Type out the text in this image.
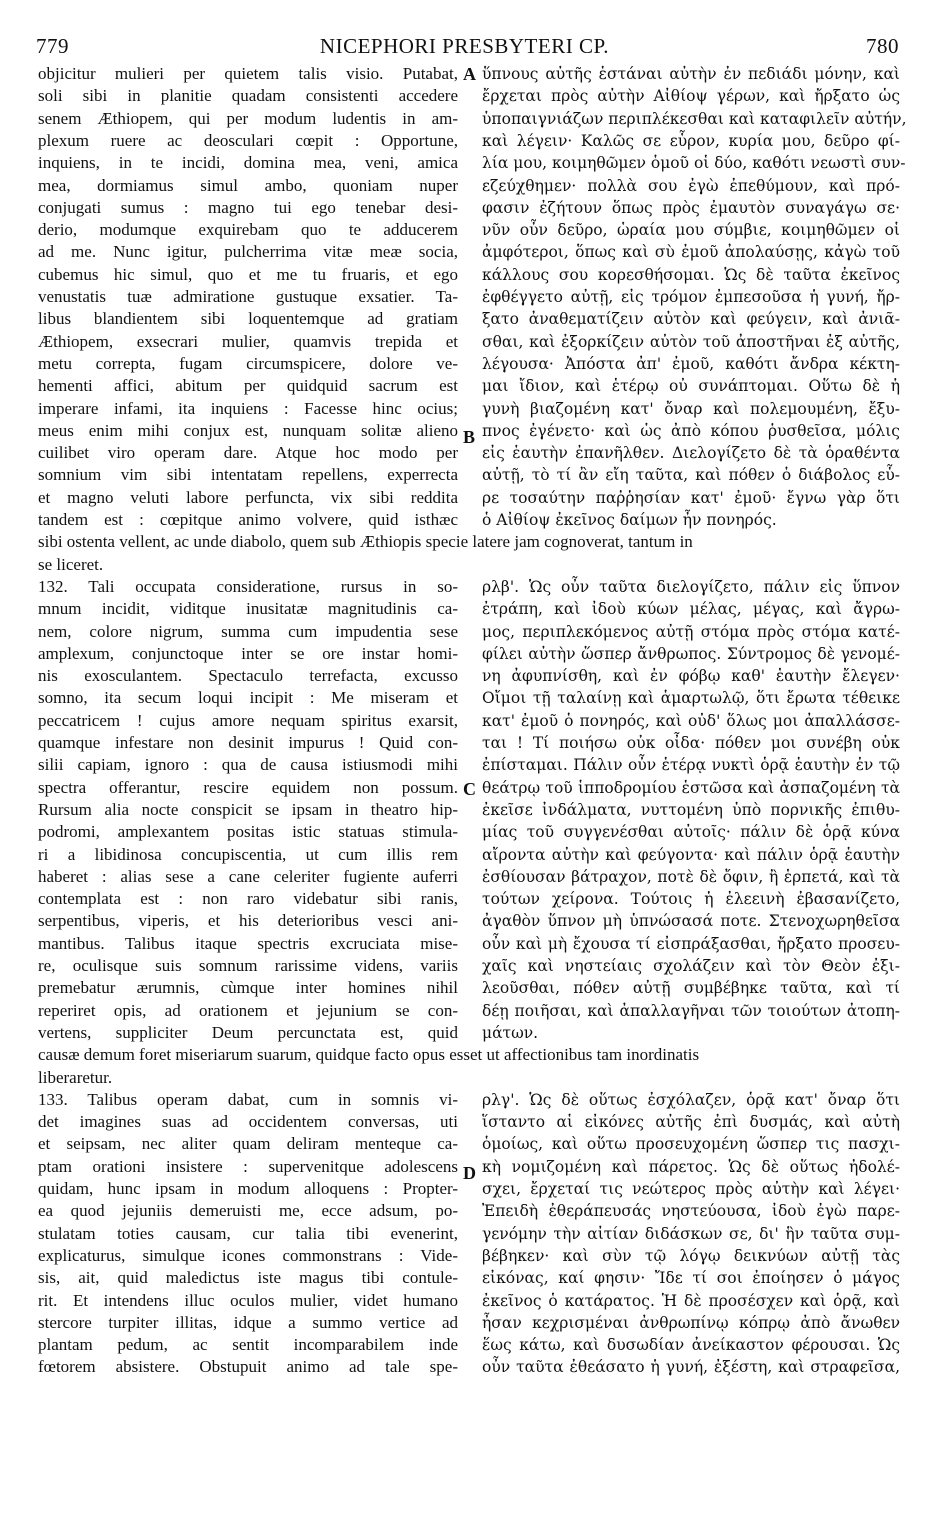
779	NICEPHORI PRESBYTERI CP.	780
A
B
C
D
objicitur mulieri per quietem talis visio. Putabat, ὕπνους αὐτῆς ἑστάναι αὐτὴν ἐν πεδιάδι μόνην, καὶ
soli sibi in planitie quadam consistenti accedere ἔρχεται πρὸς αὐτὴν Αἰθίοψ γέρων, καὶ ἤρξατο ὡς
senem Æthiopem, qui per modum ludentis in am- ὑποπαιγνιάζων περιπλέκεσθαι καὶ καταφιλεῖν αὐτήν,
plexum ruere ac deosculari cœpit : Opportune, καὶ λέγειν· Καλῶς σε εὗρον, κυρία μου, δεῦρο φί-
inquiens, in te incidi, domina mea, veni, amica λία μου, κοιμηθῶμεν ὁμοῦ οἱ δύο, καθότι νεωστὶ συν-
mea, dormiamus simul ambo, quoniam nuper εζεύχθημεν· πολλὰ σου ἐγὼ ἐπεθύμουν, καὶ πρό-
conjugati sumus : magno tui ego tenebar desi- φασιν ἐζήτουν ὅπως πρὸς ἐμαυτὸν συναγάγω σε·
derio, modumque exquirebam quo te adducerem νῦν οὖν δεῦρο, ὡραία μου σύμβιε, κοιμηθῶμεν οἱ
ad me. Nunc igitur, pulcherrima vitæ meæ socia, ἀμφότεροι, ὅπως καὶ σὺ ἐμοῦ ἀπολαύσῃς, κἀγὼ τοῦ
cubemus hic simul, quo et me tu fruaris, et ego κάλλους σου κορεσθήσομαι. Ὡς δὲ ταῦτα ἐκεῖνος
venustatis tuæ admiratione gustuque exsatier. Ta- ἐφθέγγετο αὐτῇ, εἰς τρόμον ἐμπεσοῦσα ἡ γυνή, ἤρ-
libus blandientem sibi loquentemque ad gratiam ξατο ἀναθεματίζειν αὐτὸν καὶ φεύγειν, καὶ ἀνιᾶ-
Æthiopem, exsecrari mulier, quamvis trepida et σθαι, καὶ ἐξορκίζειν αὐτὸν τοῦ ἀποστῆναι ἐξ αὐτῆς,
metu correpta, fugam circumspicere, dolore ve- λέγουσα· Ἀπόστα ἀπ' ἐμοῦ, καθότι ἄνδρα κέκτη-
hementi affici, abitum per quidquid sacrum est μαι ἴδιον, καὶ ἑτέρῳ οὐ συνάπτομαι. Οὕτω δὲ ἡ
imperare infami, ita inquiens : Facesse hinc ocius; γυνὴ βιαζομένη κατ' ὄναρ καὶ πολεμουμένη, ἔξυ-
meus enim mihi conjux est, nunquam solitæ alieno πνος ἐγένετο· καὶ ὡς ἀπὸ κόπου ῥυσθεῖσα, μόλις
cuilibet viro operam dare. Atque hoc modo per εἰς ἑαυτὴν ἐπανῆλθεν. Διελογίζετο δὲ τὰ ὁραθέντα
somnium vim sibi intentatam repellens, experrecta αὐτῇ, τὸ τί ἂν εἴη ταῦτα, καὶ πόθεν ὁ διάβολος εὗ-
et magno veluti labore perfuncta, vix sibi reddita ρε τοσαύτην παῤῥησίαν κατ' ἐμοῦ· ἔγνω γὰρ ὅτι
tandem est : cœpitque animo volvere, quid isthæc ὁ Αἰθίοψ ἐκεῖνος δαίμων ἦν πονηρός.
sibi ostenta vellent, ac unde diabolo, quem sub Æthiopis specie latere jam cognoverat, tantum in
se liceret.
132. Tali occupata consideratione, rursus in so- ρλβ'. Ὡς οὖν ταῦτα διελογίζετο, πάλιν εἰς ὕπνον
mnum incidit, viditque inusitatæ magnitudinis ca- ἐτράπη, καὶ ἰδοὺ κύων μέλας, μέγας, καὶ ἄγρω-
nem, colore nigrum, summa cum impudentia sese μος, περιπλεκόμενος αὐτῇ στόμα πρὸς στόμα κατέ-
amplexum, conjunctoque inter se ore instar homi- φίλει αὐτὴν ὥσπερ ἄνθρωπος. Σύντρομος δὲ γενομέ-
nis exosculantem. Spectaculo terrefacta, excusso νη ἀφυπνίσθη, καὶ ἐν φόβῳ καθ' ἑαυτὴν ἔλεγεν·
somno, ita secum loqui incipit : Me miseram et Οἴμοι τῇ ταλαίνῃ καὶ ἁμαρτωλῷ, ὅτι ἔρωτα τέθεικε
peccatricem ! cujus amore nequam spiritus exarsit, κατ' ἐμοῦ ὁ πονηρός, καὶ οὐδ' ὅλως μοι ἀπαλλάσσε-
quamque infestare non desinit impurus ! Quid con- ται ! Τί ποιήσω οὐκ οἶδα· πόθεν μοι συνέβη οὐκ
silii capiam, ignoro : qua de causa istiusmodi mihi ἐπίσταμαι. Πάλιν οὖν ἑτέρᾳ νυκτὶ ὁρᾷ ἑαυτὴν ἐν τῷ
spectra offerantur, rescire equidem non possum. θεάτρῳ τοῦ ἱπποδρομίου ἑστῶσα καὶ ἀσπαζομένη τὰ
Rursum alia nocte conspicit se ipsam in theatro hip- ἐκεῖσε ἰνδάλματα, νυττομένη ὑπὸ πορνικῆς ἐπιθυ-
podromi, amplexantem positas istic statuas stimula- μίας τοῦ συγγενέσθαι αὐτοῖς· πάλιν δὲ ὁρᾷ κύνα
ri a libidinosa concupiscentia, ut cum illis rem αἴροντα αὐτὴν καὶ φεύγοντα· καὶ πάλιν ὁρᾷ ἑαυτὴν
haberet : alias sese a cane celeriter fugiente auferri ἐσθίουσαν βάτραχον, ποτὲ δὲ ὄφιν, ἢ ἑρπετά, καὶ τὰ
contemplata est : non raro videbatur sibi ranis, τούτων χείρονα. Τούτοις ἡ ἐλεεινὴ ἐβασανίζετο,
serpentibus, viperis, et his deterioribus vesci ani- ἀγαθὸν ὕπνον μὴ ὑπνώσασά ποτε. Στενοχωρηθεῖσα
mantibus. Talibus itaque spectris excruciata mise- οὖν καὶ μὴ ἔχουσα τί εἰσπράξασθαι, ἤρξατο προσευ-
re, oculisque suis somnum rarissime videns, variis χαῖς καὶ νηστείαις σχολάζειν καὶ τὸν Θεὸν ἐξι-
premebatur ærumnis, cùmque inter homines nihil λεοῦσθαι, πόθεν αὐτῇ συμβέβηκε ταῦτα, καὶ τί
reperiret opis, ad orationem et jejunium se con- δέῃ ποιῆσαι, καὶ ἀπαλλαγῆναι τῶν τοιούτων ἀτοπη-
vertens, suppliciter Deum percunctata est, quid μάτων.
causæ demum foret miseriarum suarum, quidque facto opus esset ut affectionibus tam inordinatis
liberaretur.
133. Talibus operam dabat, cum in somnis vi- ρλγ'. Ὡς δὲ οὕτως ἐσχόλαζεν, ὁρᾷ κατ' ὄναρ ὅτι
det imagines suas ad occidentem conversas, uti ἵσταντο αἱ εἰκόνες αὐτῆς ἐπὶ δυσμάς, καὶ αὐτὴ
et seipsam, nec aliter quam deliram menteque ca- ὁμοίως, καὶ οὕτω προσευχομένη ὥσπερ τις πασχι-
ptam orationi insistere : supervenitque adolescens κὴ νομιζομένη καὶ πάρετος. Ὡς δὲ οὕτως ἠδολέ-
quidam, hunc ipsam in modum alloquens : Propter- σχει, ἔρχεταί τις νεώτερος πρὸς αὐτὴν καὶ λέγει·
ea quod jejuniis demeruisti me, ecce adsum, po- Ἐπειδὴ ἐθεράπευσάς νηστεύουσα, ἰδοὺ ἐγὼ παρε-
stulatam toties causam, cur talia tibi evenerint, γενόμην τὴν αἰτίαν διδάσκων σε, δι' ἣν ταῦτα συμ-
explicaturus, simulque icones commonstrans : Vide- βέβηκεν· καὶ σὺν τῷ λόγῳ δεικνύων αὐτῇ τὰς
sis, ait, quid maledictus iste magus tibi contule- εἰκόνας, καί φησιν· Ἴδε τί σοι ἐποίησεν ὁ μάγος
rit. Et intendens illuc oculos mulier, videt humano ἐκεῖνος ὁ κατάρατος. Ἡ δὲ προσέσχεν καὶ ὁρᾷ, καὶ
stercore turpiter illitas, idque a summo vertice ad ἦσαν κεχρισμέναι ἀνθρωπίνῳ κόπρῳ ἀπὸ ἄνωθεν
plantam pedum, ac sentit incomparabilem inde ἕως κάτω, καὶ δυσωδίαν ἀνείκαστον φέρουσαι. Ὡς
fœtorem absistere. Obstupuit animo ad tale spe- οὖν ταῦτα ἐθεάσατο ἡ γυνή, ἐξέστη, καὶ στραφεῖσα,
